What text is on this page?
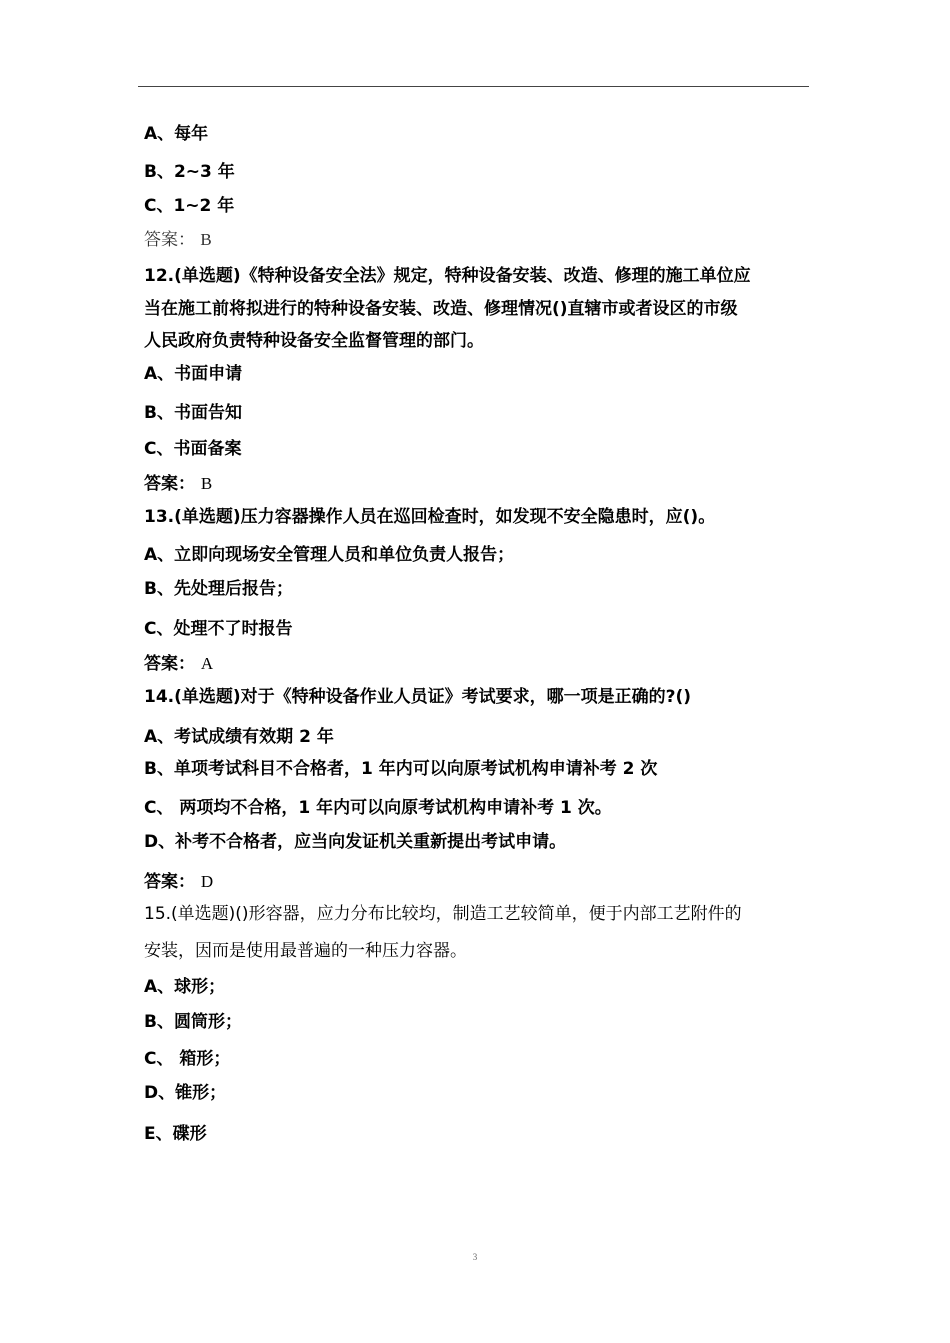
A、每年
B、2~3 年
C、1~2 年
答案： B
12.(单选题)《特种设备安全法》规定，特种设备安装、改造、修理的施工单位应
当在施工前将拟进行的特种设备安装、改造、修理情况()直辖市或者设区的市级
人民政府负责特种设备安全监督管理的部门。
A、书面申请
B、书面告知
C、书面备案
答案： B
13.(单选题)压力容器操作人员在巡回检查时，如发现不安全隐患时，应()。
A、立即向现场安全管理人员和单位负责人报告；
B、先处理后报告；
C、处理不了时报告
答案： A
14.(单选题)对于《特种设备作业人员证》考试要求，哪一项是正确的?()
A、考试成绩有效期 2 年
B、单项考试科目不合格者，1 年内可以向原考试机构申请补考 2 次
C、 两项均不合格，1 年内可以向原考试机构申请补考 1 次。
D、补考不合格者，应当向发证机关重新提出考试申请。
答案： D
15.(单选题)()形容器，应力分布比较均，制造工艺较简单，便于内部工艺附件的
安装，因而是使用最普遍的一种压力容器。
A、球形；
B、圆筒形；
C、 箱形；
D、锥形；
E、碟形
3
